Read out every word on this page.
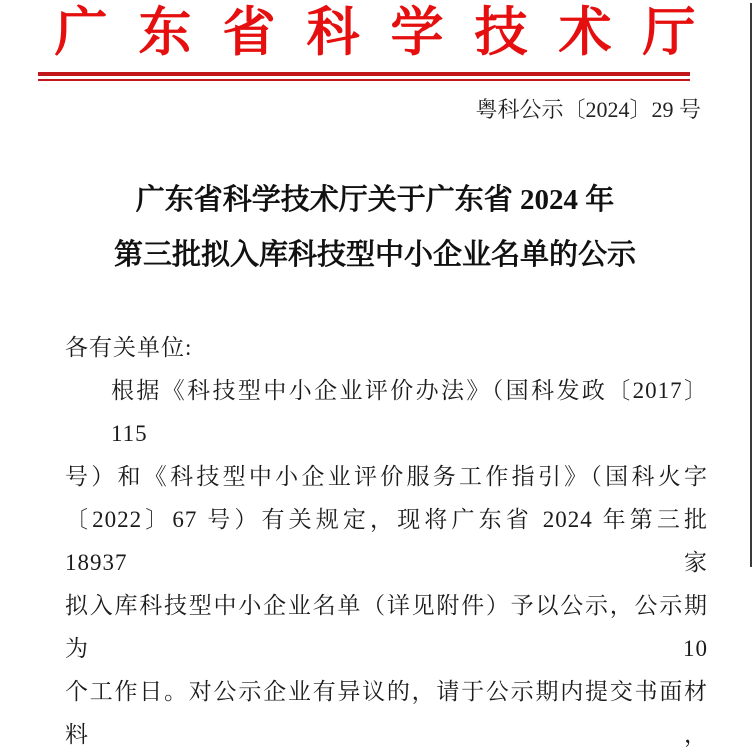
广东省科学技术厅
粤科公示〔2024〕29 号
广东省科学技术厅关于广东省 2024 年
第三批拟入库科技型中小企业名单的公示
各有关单位:
根据《科技型中小企业评价办法》（国科发政〔2017〕115
号）和《科技型中小企业评价服务工作指引》（国科火字
〔2022〕67 号）有关规定，现将广东省 2024 年第三批 18937 家
拟入库科技型中小企业名单（详见附件）予以公示，公示期为 10
个工作日。对公示企业有异议的，请于公示期内提交书面材料，
